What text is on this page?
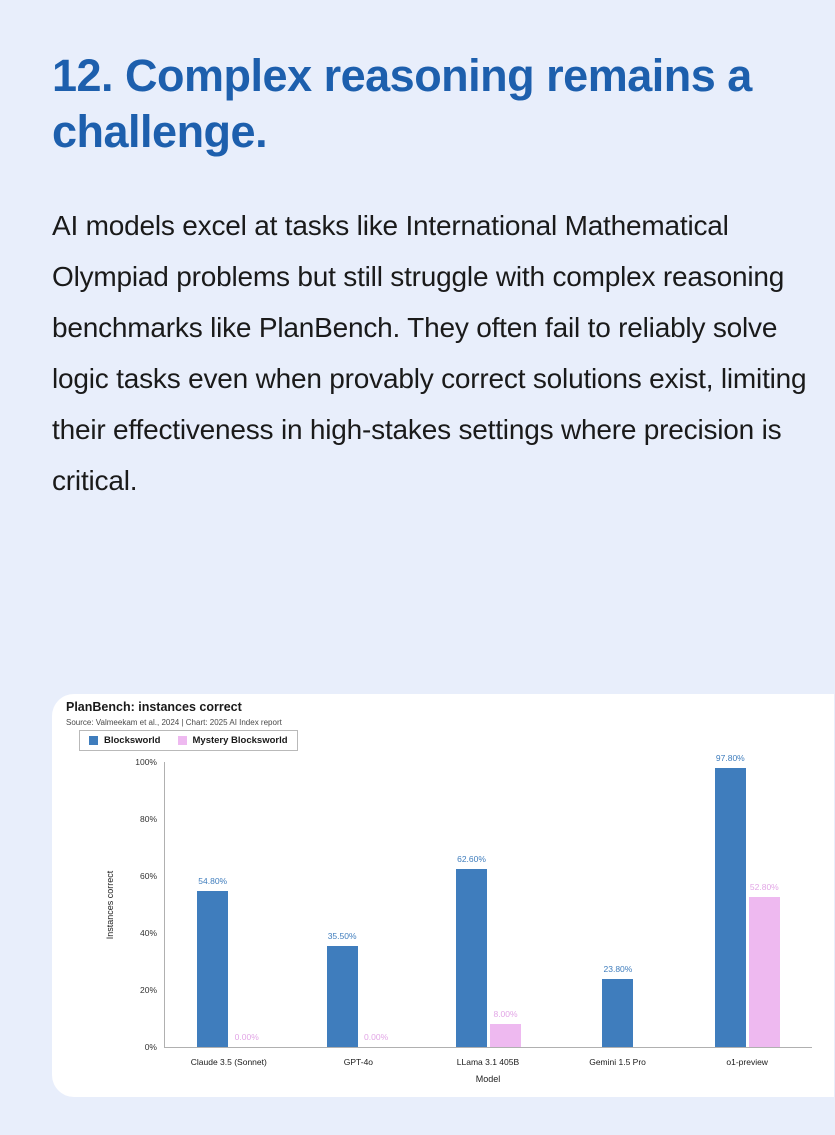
12. Complex reasoning remains a challenge.

AI models excel at tasks like International Mathematical Olympiad problems but still struggle with complex reasoning benchmarks like PlanBench. They often fail to reliably solve logic tasks even when provably correct solutions exist, limiting their effectiveness in high-stakes settings where precision is critical.

PlanBench: instances correct
Source: Valmeekam et al., 2024 | Chart: 2025 AI Index report
Blocksworld	Mystery Blocksworld
Instances correct
0%
20%
40%
60%
80%
100%
54.80%
0.00%
35.50%
0.00%
62.60%
8.00%
23.80%
97.80%
52.80%
Claude 3.5 (Sonnet)	GPT-4o	LLama 3.1 405B	Gemini 1.5 Pro	o1-preview
Model
